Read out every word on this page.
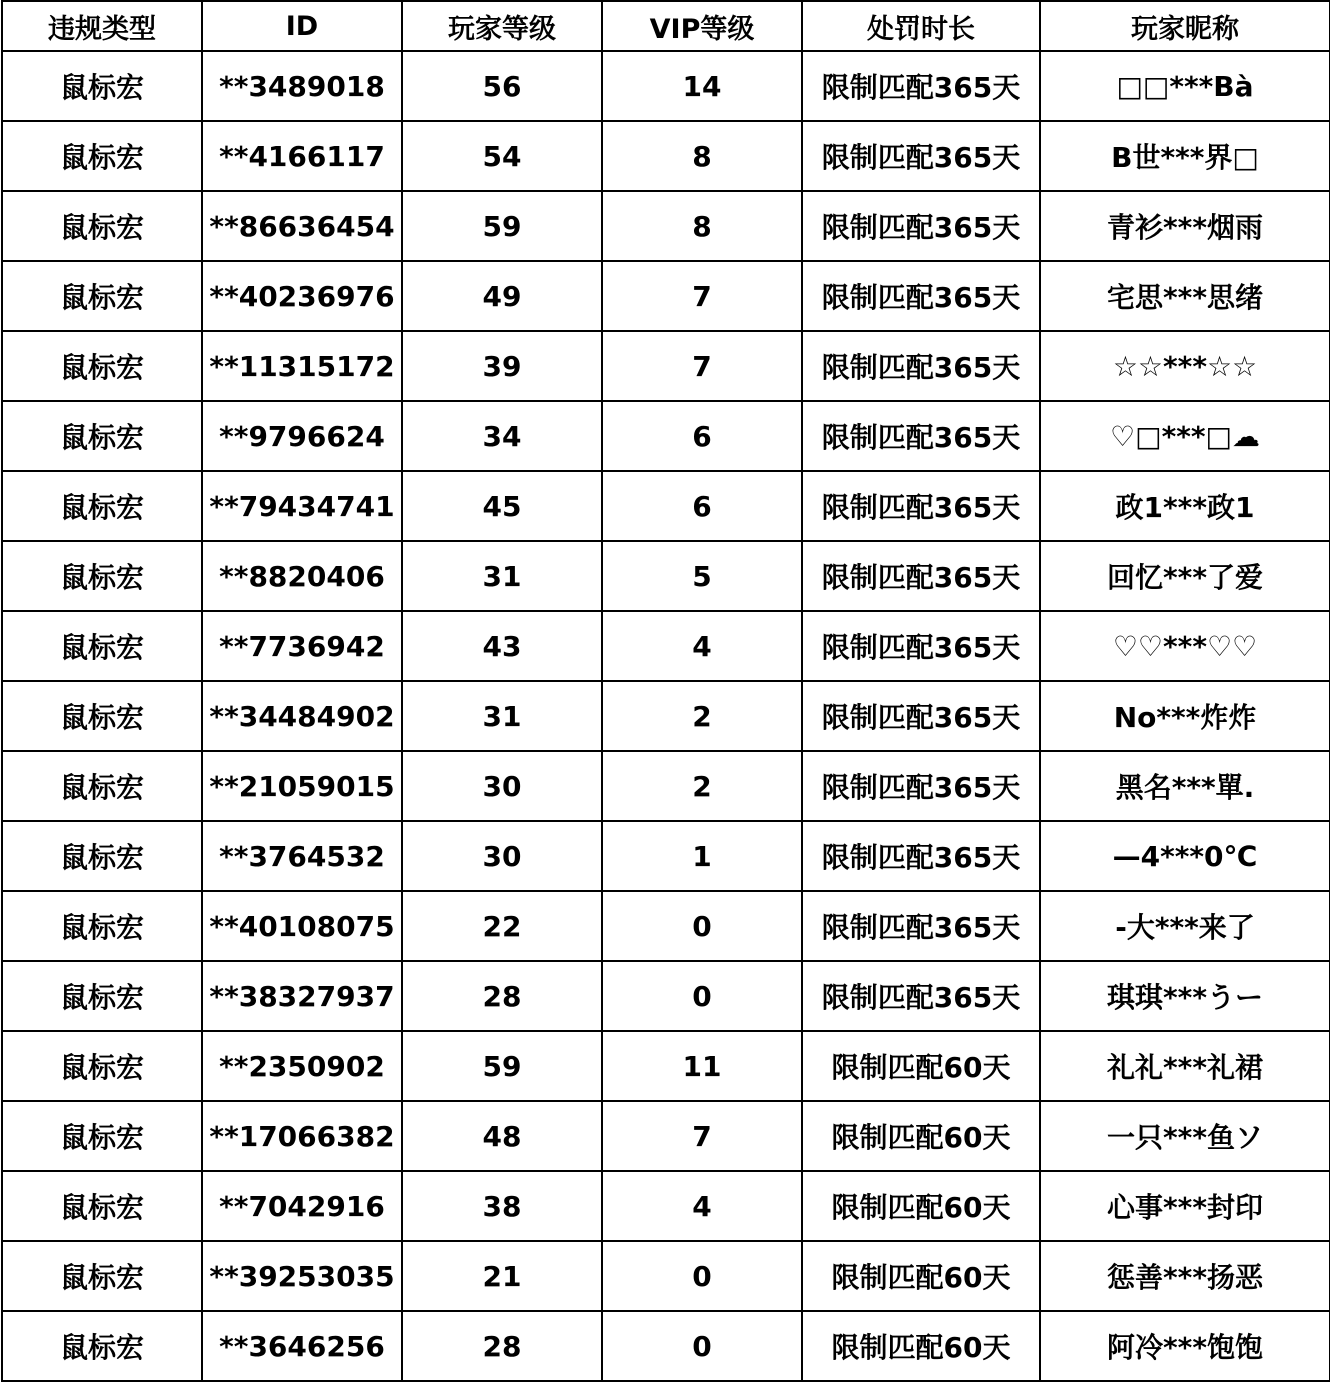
违规类型	ID	玩家等级	VIP等级	处罚时长	玩家昵称
鼠标宏	**3489018	56	14	限制匹配365天	□□***Bà
鼠标宏	**4166117	54	8	限制匹配365天	B世***界□
鼠标宏	**86636454	59	8	限制匹配365天	青衫***烟雨
鼠标宏	**40236976	49	7	限制匹配365天	宅思***思绪
鼠标宏	**11315172	39	7	限制匹配365天	☆☆***☆☆
鼠标宏	**9796624	34	6	限制匹配365天	♡□***□☁
鼠标宏	**79434741	45	6	限制匹配365天	政1***政1
鼠标宏	**8820406	31	5	限制匹配365天	回忆***了爱
鼠标宏	**7736942	43	4	限制匹配365天	♡♡***♡♡
鼠标宏	**34484902	31	2	限制匹配365天	No***炸炸
鼠标宏	**21059015	30	2	限制匹配365天	黑名***單.
鼠标宏	**3764532	30	1	限制匹配365天	—4***0℃
鼠标宏	**40108075	22	0	限制匹配365天	-大***来了
鼠标宏	**38327937	28	0	限制匹配365天	琪琪***うー
鼠标宏	**2350902	59	11	限制匹配60天	礼礼***礼裙
鼠标宏	**17066382	48	7	限制匹配60天	一只***鱼ソ
鼠标宏	**7042916	38	4	限制匹配60天	心事***封印
鼠标宏	**39253035	21	0	限制匹配60天	惩善***扬恶
鼠标宏	**3646256	28	0	限制匹配60天	阿冷***饱饱
